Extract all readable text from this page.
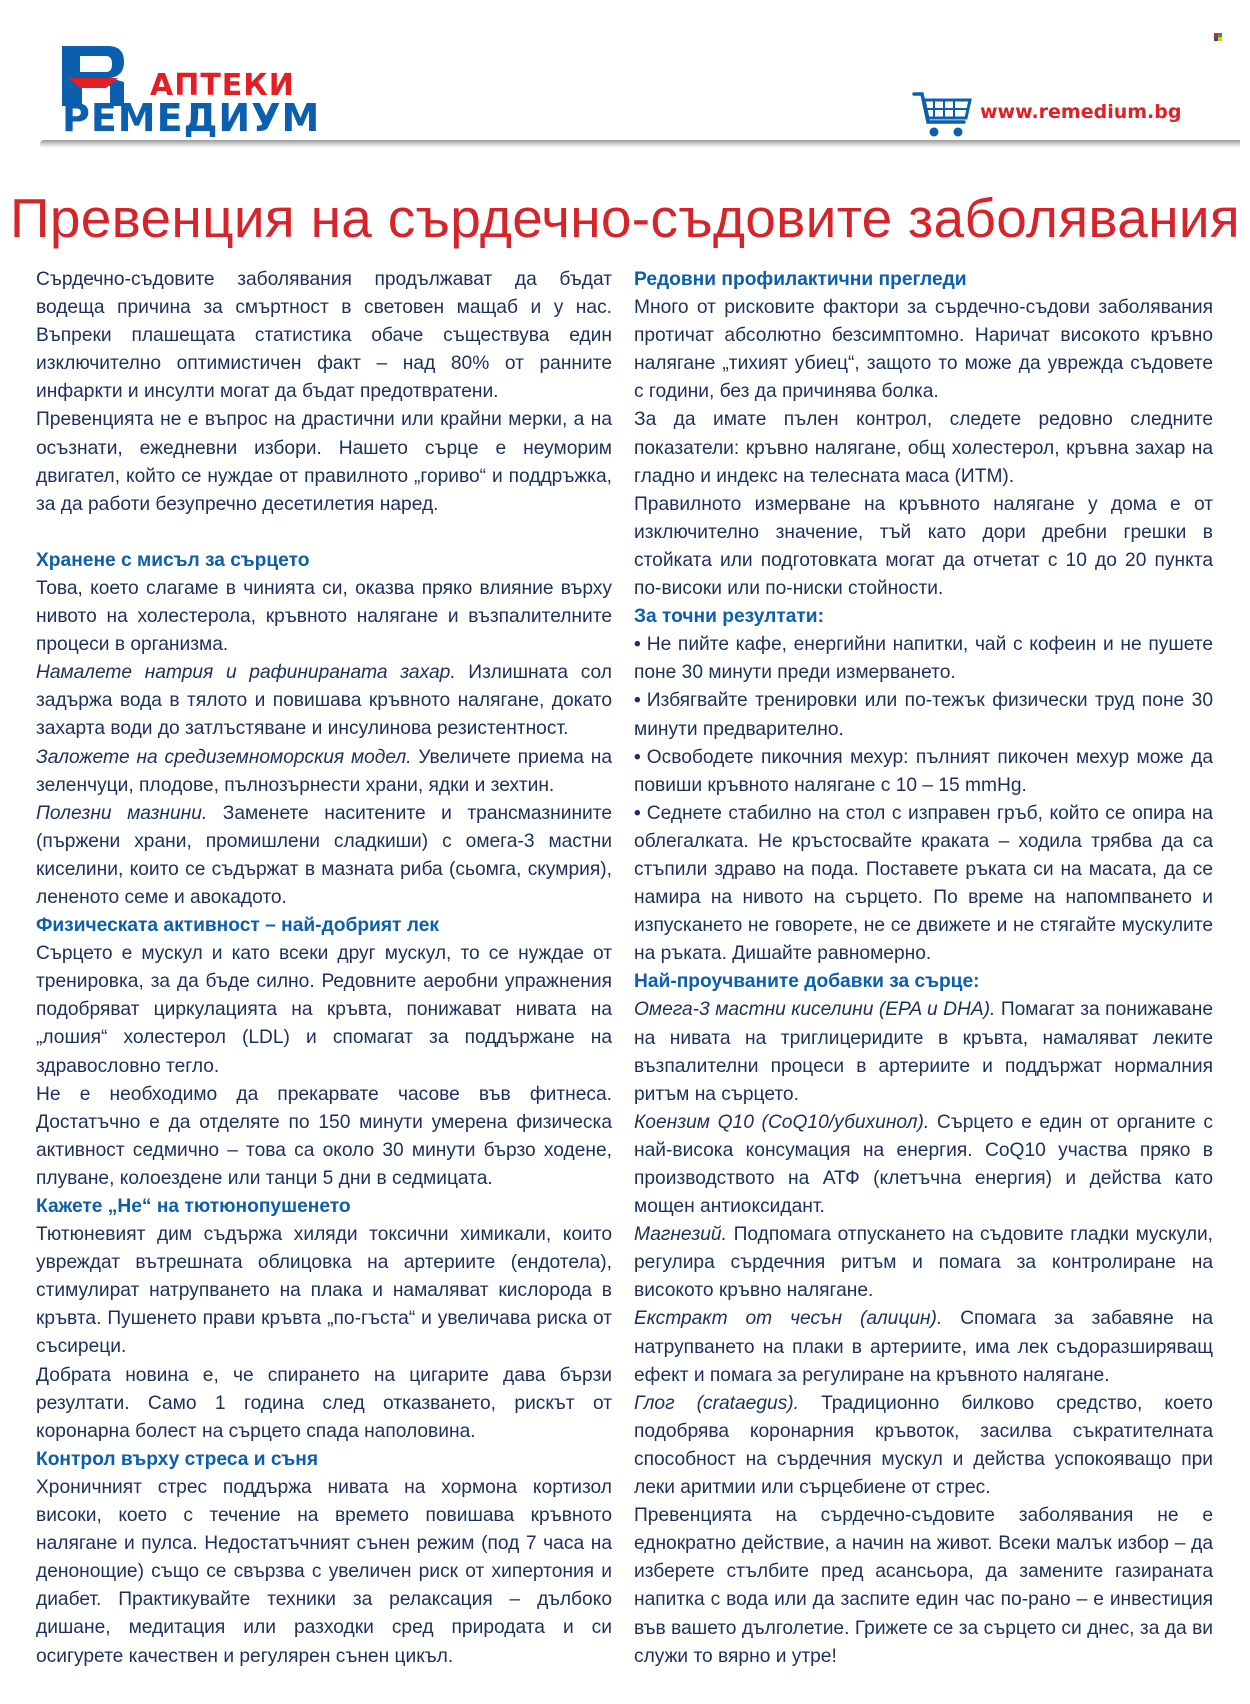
АПТЕКИ
РЕМЕДИУМ	www.remedium.bg
Превенция на сърдечно-съдовите заболявания

Сърдечно-съдовите заболявания продължават да бъдат водеща причина за смъртност в световен мащаб и у нас. Въпреки плашещата статистика обаче съществува един изключително оптимистичен факт – над 80% от ранните инфаркти и инсулти могат да бъдат предотвратени.

Превенцията не е въпрос на драстични или крайни мерки, а на осъзнати, ежедневни избори. Нашето сърце е неуморим двигател, който се нуждае от правилното „гориво“ и поддръжка, за да работи безупречно десетилетия наред.

Хранене с мисъл за сърцето

Това, което слагаме в чинията си, оказва пряко влияние върху нивото на холестерола, кръвното налягане и възпалителните процеси в организма.

Намалете натрия и рафинираната захар. Излишната сол задържа вода в тялото и повишава кръвното налягане, докато захарта води до затлъстяване и инсулинова резистентност.

Заложете на средиземноморския модел. Увеличете приема на зеленчуци, плодове, пълнозърнести храни, ядки и зехтин.

Полезни мазнини. Заменете наситените и трансмазнините (пържени храни, промишлени сладкиши) с омега-3 мастни киселини, които се съдържат в мазната риба (сьомга, скумрия), лененото семе и авокадото.

Физическата активност – най-добрият лек

Сърцето е мускул и като всеки друг мускул, то се нуждае от тренировка, за да бъде силно. Редовните аеробни упражнения подобряват циркулацията на кръвта, понижават нивата на „лошия“ холестерол (LDL) и спомагат за поддържане на здравословно тегло.

Не е необходимо да прекарвате часове във фитнеса. Достатъчно е да отделяте по 150 минути умерена физическа активност седмично – това са около 30 минути бързо ходене, плуване, колоездене или танци 5 дни в седмицата.

Кажете „Не“ на тютюнопушенето

Тютюневият дим съдържа хиляди токсични химикали, които увреждат вътрешната облицовка на артериите (ендотела), стимулират натрупването на плака и намаляват кислорода в кръвта. Пушенето прави кръвта „по-гъста“ и увеличава риска от съсиреци.

Добрата новина е, че спирането на цигарите дава бързи резултати. Само 1 година след отказването, рискът от коронарна болест на сърцето спада наполовина.

Контрол върху стреса и съня

Хроничният стрес поддържа нивата на хормона кортизол високи, което с течение на времето повишава кръвното налягане и пулса. Недостатъчният сънен режим (под 7 часа на денонощие) също се свързва с увеличен риск от хипертония и диабет. Практикувайте техники за релаксация – дълбоко дишане, медитация или разходки сред природата и си осигурете качествен и регулярен сънен цикъл.

Редовни профилактични прегледи

Много от рисковите фактори за сърдечно-съдови заболявания протичат абсолютно безсимптомно. Наричат високото кръвно налягане „тихият убиец“, защото то може да уврежда съдовете с години, без да причинява болка.

За да имате пълен контрол, следете редовно следните показатели: кръвно налягане, общ холестерол, кръвна захар на гладно и индекс на телесната маса (ИТМ).

Правилното измерване на кръвното налягане у дома е от изключително значение, тъй като дори дребни грешки в стойката или подготовката могат да отчетат с 10 до 20 пункта по-високи или по-ниски стойности.

За точни резултати:

• Не пийте кафе, енергийни напитки, чай с кофеин и не пушете поне 30 минути преди измерването.

• Избягвайте тренировки или по-тежък физически труд поне 30 минути предварително.

• Освободете пикочния мехур: пълният пикочен мехур може да повиши кръвното налягане с 10 – 15 mmHg.

• Седнете стабилно на стол с изправен гръб, който се опира на облегалката. Не кръстосвайте краката – ходила трябва да са стъпили здраво на пода. Поставете ръката си на масата, да се намира на нивото на сърцето. По време на напомпването и изпускането не говорете, не се движете и не стягайте мускулите на ръката. Дишайте равномерно.

Най-проучваните добавки за сърце:

Омега-3 мастни киселини (EPA и DHA). Помагат за понижаване на нивата на триглицеридите в кръвта, намаляват леките възпалителни процеси в артериите и поддържат нормалния ритъм на сърцето.

Коензим Q10 (CoQ10/убихинол). Сърцето е един от органите с най-висока консумация на енергия. CoQ10 участва пряко в производството на АТФ (клетъчна енергия) и действа като мощен антиоксидант.

Магнезий. Подпомага отпускането на съдовите гладки мускули, регулира сърдечния ритъм и помага за контролиране на високото кръвно налягане.

Екстракт от чесън (алицин). Спомага за забавяне на натрупването на плаки в артериите, има лек съдоразширяващ ефект и помага за регулиране на кръвното налягане.

Глог (crataegus). Традиционно билково средство, което подобрява коронарния кръвоток, засилва съкратителната способност на сърдечния мускул и действа успокояващо при леки аритмии или сърцебиене от стрес.

Превенцията на сърдечно-съдовите заболявания не е еднократно действие, а начин на живот. Всеки малък избор – да изберете стълбите пред асансьора, да замените газираната напитка с вода или да заспите един час по-рано – е инвестиция във вашето дълголетие. Грижете се за сърцето си днес, за да ви служи то вярно и утре!
